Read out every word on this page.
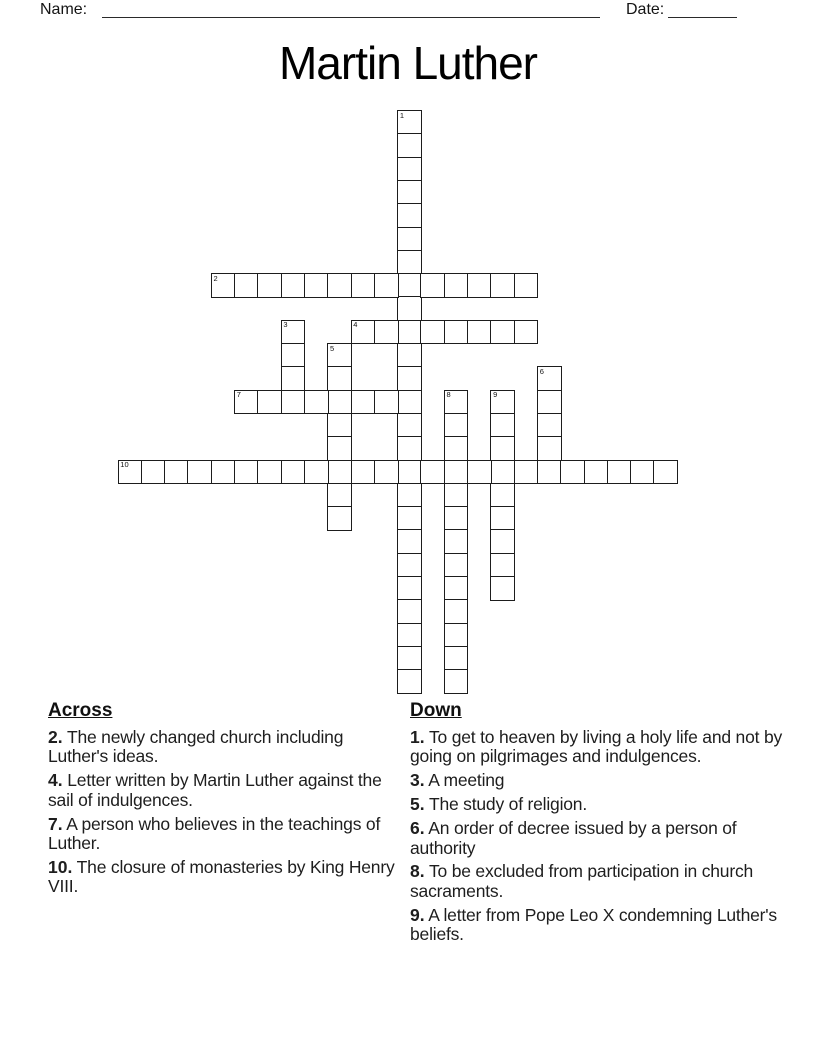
Name:	Date:
Martin Luther
1
2
3	4
5
6
7	8	9
10
Across

2. The newly changed church including Luther's ideas.

4. Letter written by Martin Luther against the sail of indulgences.

7. A person who believes in the teachings of Luther.

10. The closure of monasteries by King Henry VIII.

Down

1. To get to heaven by living a holy life and not by going on pilgrimages and indulgences.

3. A meeting

5. The study of religion.

6. An order of decree issued by a person of authority

8. To be excluded from participation in church sacraments.

9. A letter from Pope Leo X condemning Luther's beliefs.
